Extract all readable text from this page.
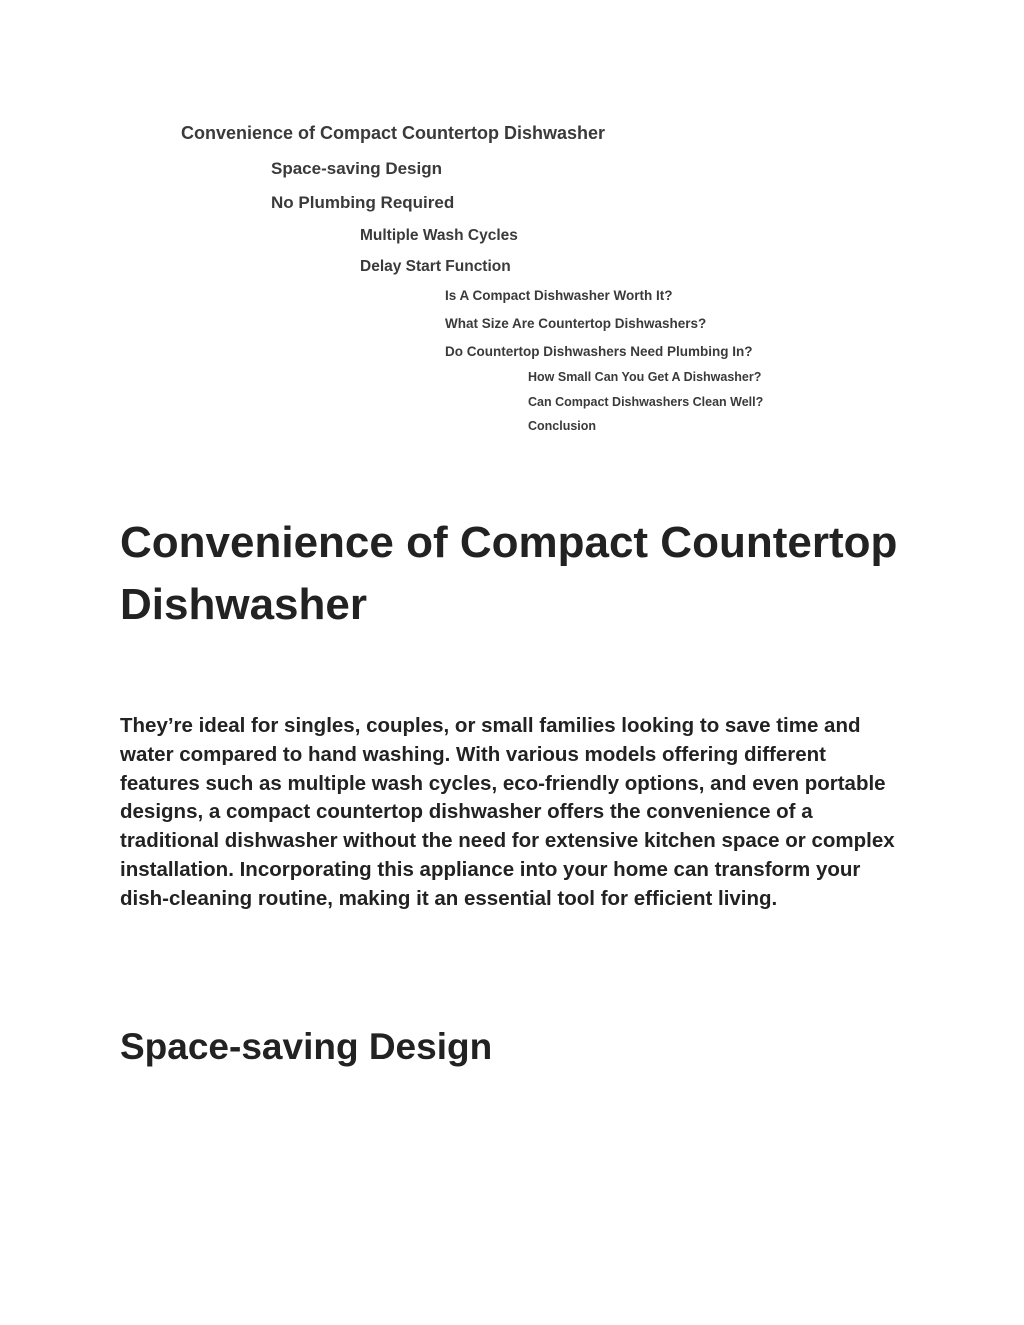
Convenience of Compact Countertop Dishwasher
Space-saving Design
No Plumbing Required
Multiple Wash Cycles
Delay Start Function
Is A Compact Dishwasher Worth It?
What Size Are Countertop Dishwashers?
Do Countertop Dishwashers Need Plumbing In?
How Small Can You Get A Dishwasher?
Can Compact Dishwashers Clean Well?
Conclusion
Convenience of Compact Countertop Dishwasher

They’re ideal for singles, couples, or small families looking to save time and water compared to hand washing. With various models offering different features such as multiple wash cycles, eco-friendly options, and even portable designs, a compact countertop dishwasher offers the convenience of a traditional dishwasher without the need for extensive kitchen space or complex installation. Incorporating this appliance into your home can transform your dish-cleaning routine, making it an essential tool for efficient living.

Space-saving Design
